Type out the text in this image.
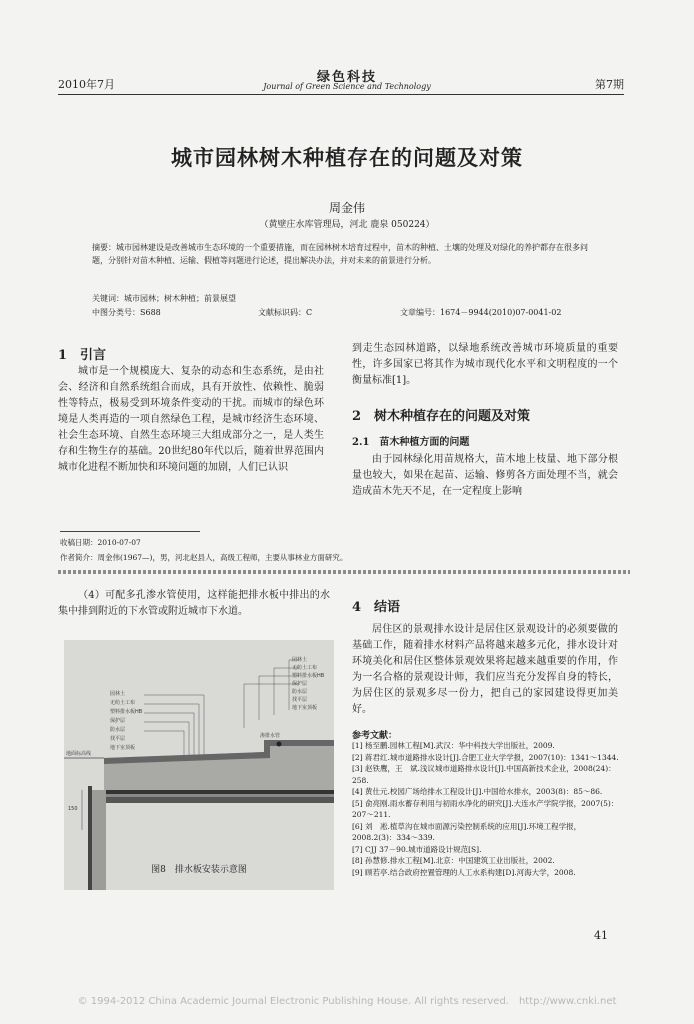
2010年7月	绿色科技
Journal of Green Science and Technology	第7期
城市园林树木种植存在的问题及对策
周金伟
（黄壁庄水库管理局，河北 鹿泉 050224）
摘要：城市园林建设是改善城市生态环境的一个重要措施，而在园林树木培育过程中，苗木的种植、土壤的处理及对绿化的养护都存在很多问题，分别针对苗木种植、运输、假植等问题进行论述，提出解决办法，并对未来的前景进行分析。
关键词：城市园林；树木种植；前景展望
中图分类号：S688	文献标识码：C	文章编号：1674－9944(2010)07-0041-02
1　引言
城市是一个规模庞大、复杂的动态和生态系统，是由社会、经济和自然系统组合而成，具有开放性、依赖性、脆弱性等特点，极易受到环境条件变动的干扰。而城市的绿色环境是人类再造的一项自然绿色工程，是城市经济生态环境、社会生态环境、自然生态环境三大组成部分之一，是人类生存和生物生存的基础。20世纪80年代以后，随着世界范围内城市化进程不断加快和环境问题的加剧，人们已认识
到走生态园林道路，以绿地系统改善城市环境质量的重要性，许多国家已将其作为城市现代化水平和文明程度的一个衡量标准[1]。
2　树木种植存在的问题及对策
2.1　苗木种植方面的问题
由于园林绿化用苗规格大，苗木地上枝量、地下部分根量也较大，如果在起苗、运输、修剪各方面处理不当，就会造成苗木先天不足，在一定程度上影响
收稿日期：2010-07-07
作者简介：周金伟(1967—)，男，河北赵县人，高级工程师，主要从事林业方面研究。
（4）可配多孔渗水管使用，这样能把排水板中排出的水集中排到附近的下水管或附近城市下水道。
园林土
无纺土工布
塑料排水板HB
保护层
防水层
找平层
地下室顶板
园林土
无纺土工布
塑料排水板HB
保护层
防水层
找平层
地下室顶板
地面标高线
渗排水管
150
图8　排水板安装示意图
4　结语
居住区的景观排水设计是居住区景观设计的必须要做的基础工作，随着排水材料产品将越来越多元化，排水设计对环境美化和居住区整体景观效果将起越来越重要的作用，作为一名合格的景观设计师，我们应当充分发挥自身的特长，为居住区的景观多尽一份力，把自己的家园建设得更加美好。
参考文献：
[1] 杨至鹏.园林工程[M].武汉：华中科技大学出版社，2009.
[2] 蒋君红.城市道路排水设计[J].合肥工业大学学报，2007(10)：1341～1344.
[3] 赵铁鹰，王　斌.浅议城市道路排水设计[J].中国高新技术企业，2008(24)：258.
[4] 黄仕元.校园广场给排水工程设计[J].中国给水排水，2003(8)：85～86.
[5] 俞亮刚.雨水蓄存利用与初雨水净化的研究[J].大连水产学院学报，2007(5)：207～211.
[6] 刘　凇.植草沟在城市面源污染控制系统的应用[J].环境工程学报，2008.2(3)：334～339.
[7] CJJ 37－90.城市道路设计规范[S].
[8] 孙慧修.排水工程[M].北京：中国建筑工业出版社，2002.
[9] 顾若亭.结合政府控置管理的人工水系构建[D].河海大学，2008.
41
© 1994-2012 China Academic Journal Electronic Publishing House. All rights reserved.　http://www.cnki.net
